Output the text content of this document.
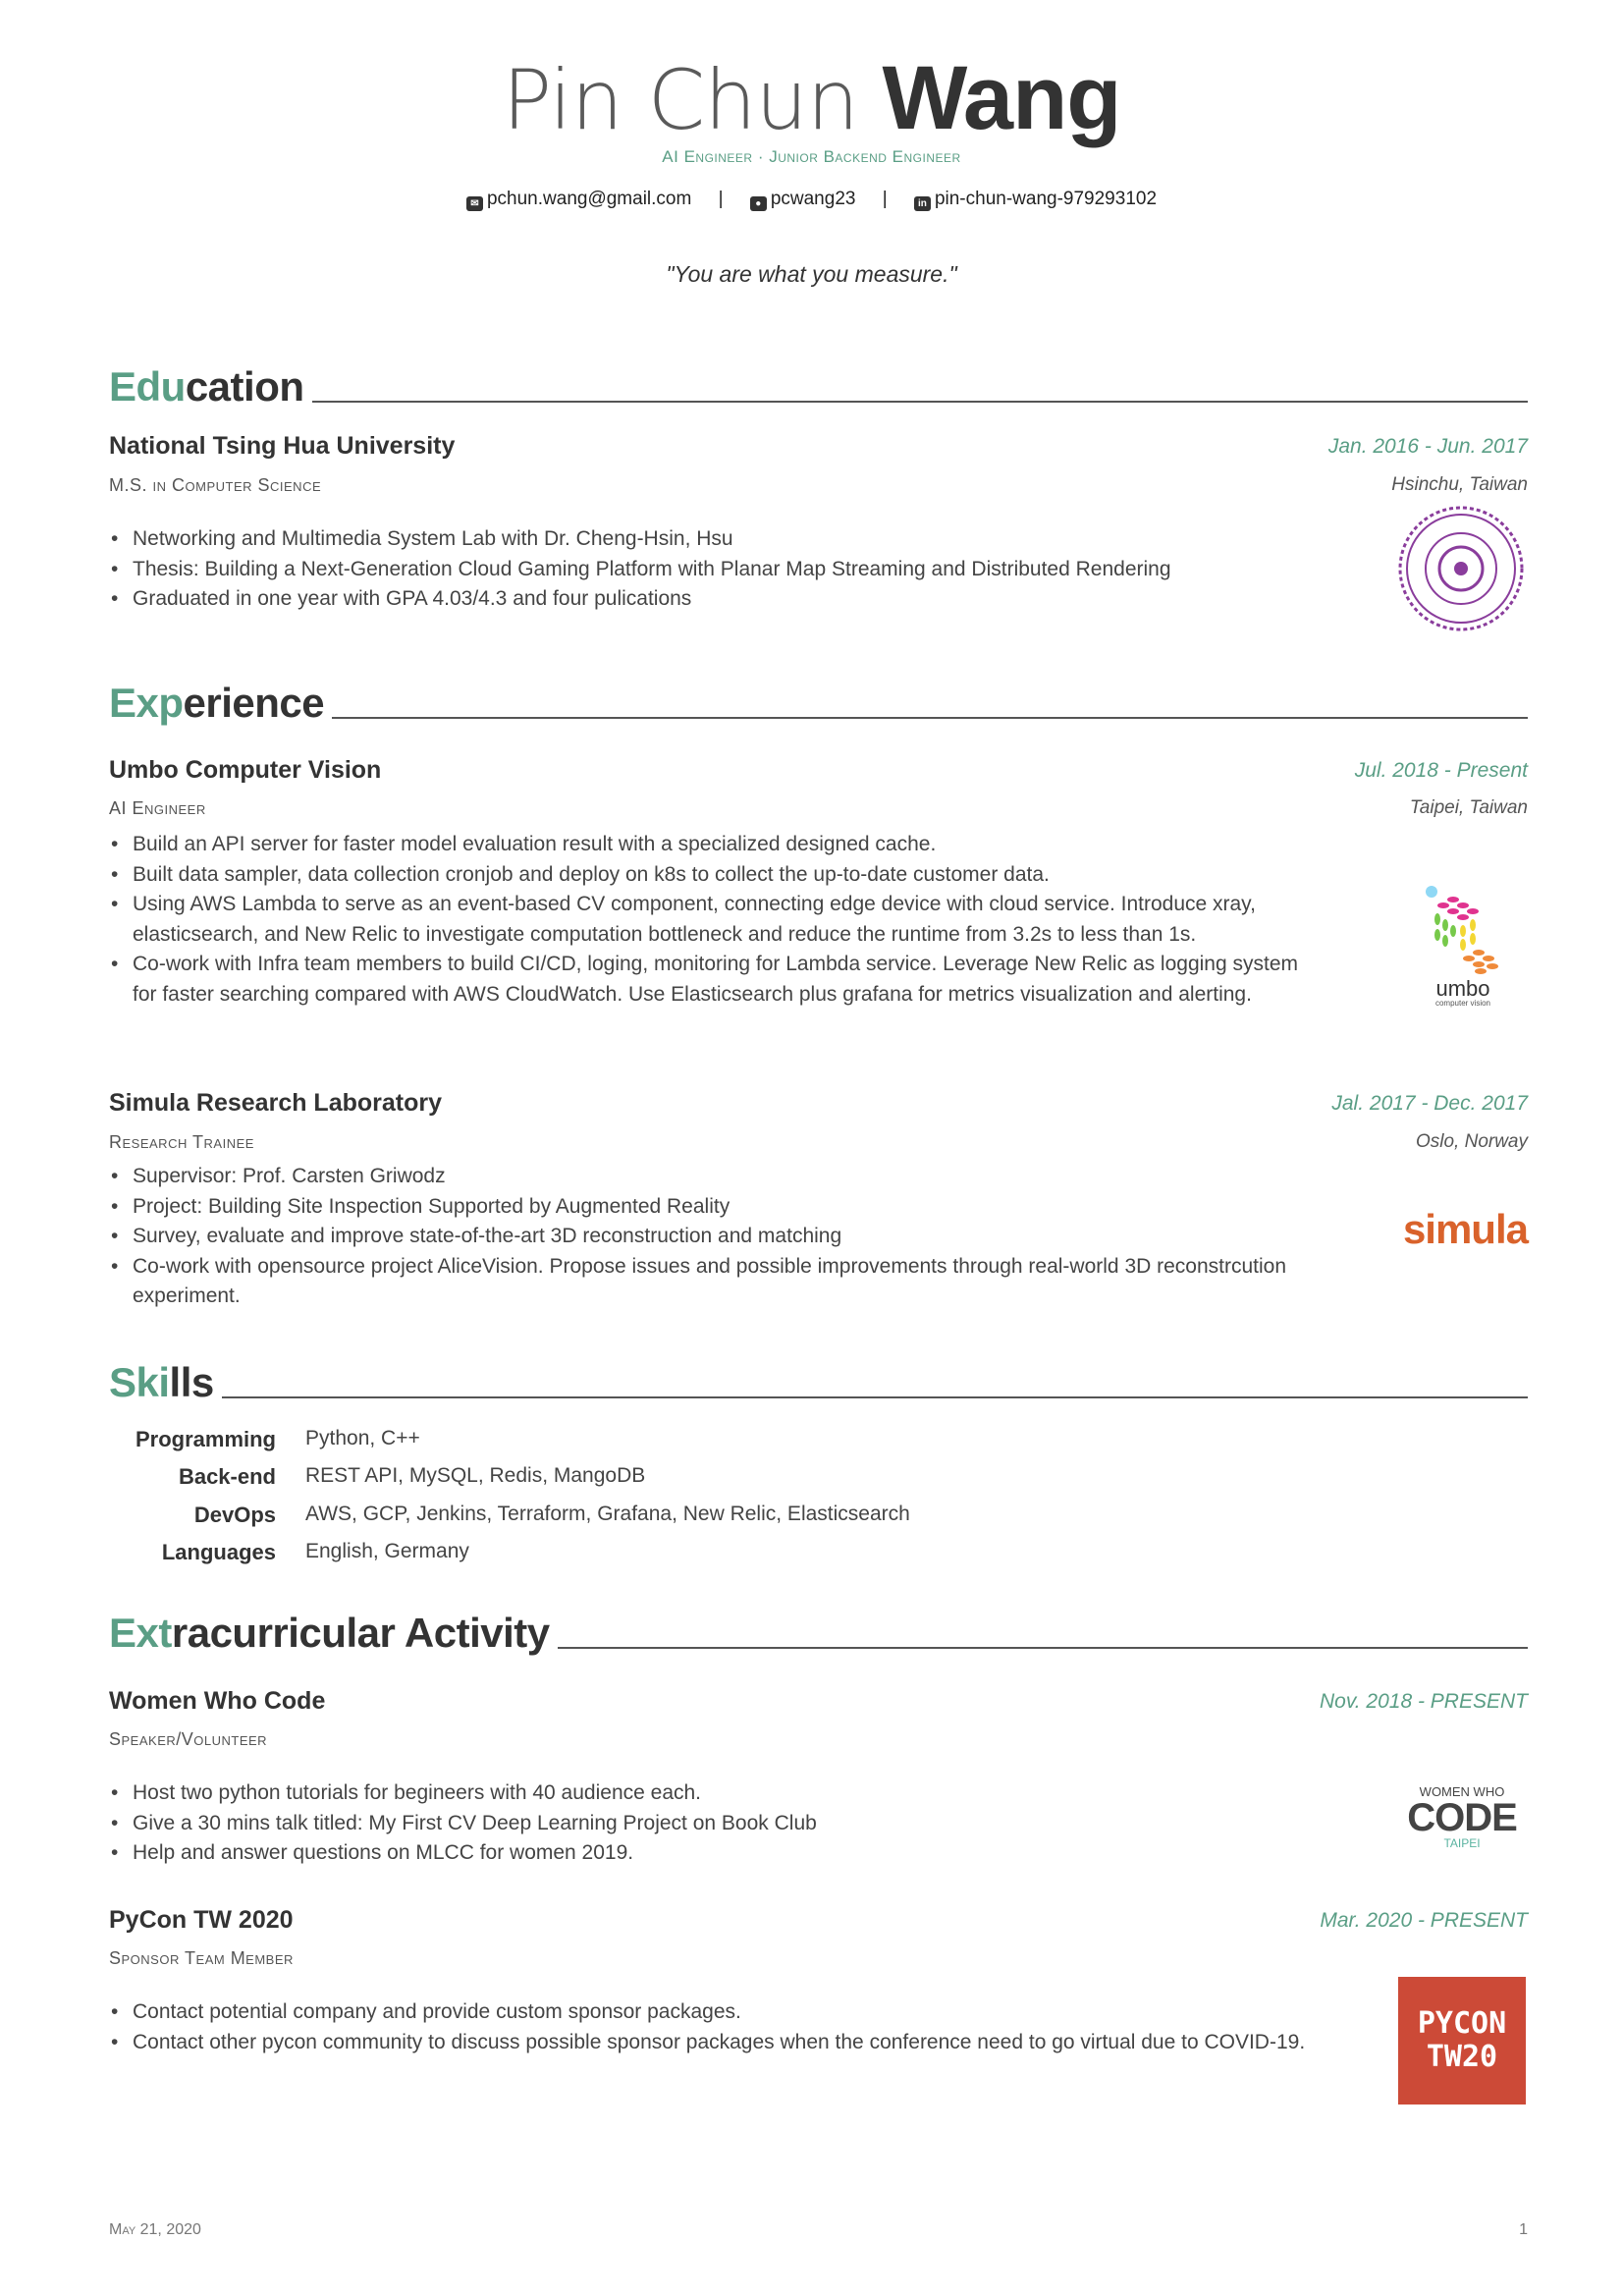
Pin Chun Wang
AI Engineer · Junior Backend Engineer
✉ pchun.wang@gmail.com |	● pcwang23 |	in pin-chun-wang-979293102
"You are what you measure."
Education
National Tsing Hua University	Jan. 2016 - Jun. 2017
M.S. in Computer Science	Hsinchu, Taiwan
• Networking and Multimedia System Lab with Dr. Cheng-Hsin, Hsu
• Thesis: Building a Next-Generation Cloud Gaming Platform with Planar Map Streaming and Distributed Rendering
• Graduated in one year with GPA 4.03/4.3 and four pulications
Experience
Umbo Computer Vision	Jul. 2018 - Present
AI Engineer	Taipei, Taiwan
• Build an API server for faster model evaluation result with a specialized designed cache.
• Built data sampler, data collection cronjob and deploy on k8s to collect the up-to-date customer data.
• Using AWS Lambda to serve as an event-based CV component, connecting edge device with cloud service. Introduce xray, elasticsearch, and New Relic to investigate computation bottleneck and reduce the runtime from 3.2s to less than 1s.
• Co-work with Infra team members to build CI/CD, loging, monitoring for Lambda service. Leverage New Relic as logging system for faster searching compared with AWS CloudWatch. Use Elasticsearch plus grafana for metrics visualization and alerting.	umbo
computer vision
Simula Research Laboratory	Jal. 2017 - Dec. 2017
Research Trainee	Oslo, Norway
• Supervisor: Prof. Carsten Griwodz
• Project: Building Site Inspection Supported by Augmented Reality
• Survey, evaluate and improve state-of-the-art 3D reconstruction and matching
• Co-work with opensource project AliceVision. Propose issues and possible improvements through real-world 3D reconstrcution experiment.
simula
Skills
Programming Python, C++
Back-end REST API, MySQL, Redis, MangoDB
DevOps AWS, GCP, Jenkins, Terraform, Grafana, New Relic, Elasticsearch
Languages English, Germany
Extracurricular Activity
Women Who Code	Nov. 2018 - PRESENT
Speaker/Volunteer
• Host two python tutorials for begineers with 40 audience each.
• Give a 30 mins talk titled: My First CV Deep Learning Project on Book Club
• Help and answer questions on MLCC for women 2019.
WOMEN WHO
CODE
TAIPEI
PyCon TW 2020	Mar. 2020 - PRESENT
Sponsor Team Member
• Contact potential company and provide custom sponsor packages.
• Contact other pycon community to discuss possible sponsor packages when the conference need to go virtual due to COVID-19.
PYCON
TW20
May 21, 2020	1
